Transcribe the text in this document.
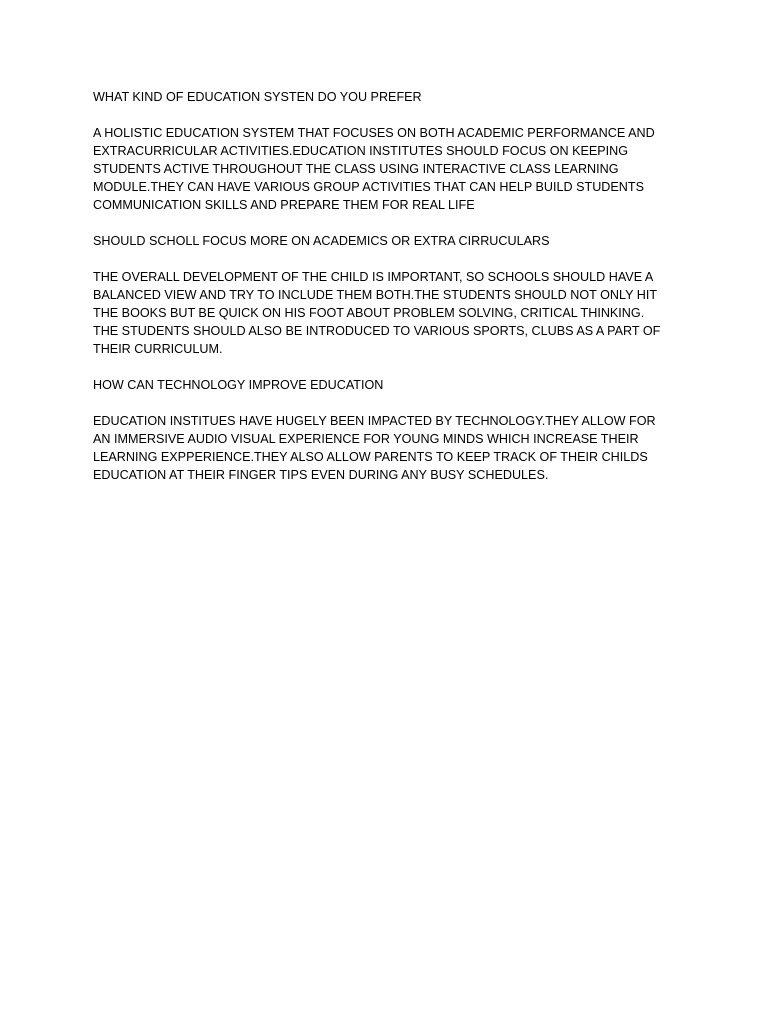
WHAT KIND OF EDUCATION SYSTEN DO YOU PREFER

A HOLISTIC EDUCATION SYSTEM THAT FOCUSES ON BOTH ACADEMIC PERFORMANCE AND
EXTRACURRICULAR ACTIVITIES.EDUCATION INSTITUTES SHOULD FOCUS ON KEEPING
STUDENTS ACTIVE THROUGHOUT THE CLASS USING INTERACTIVE CLASS LEARNING
MODULE.THEY CAN HAVE VARIOUS GROUP ACTIVITIES THAT CAN HELP BUILD STUDENTS
COMMUNICATION SKILLS AND PREPARE THEM FOR REAL LIFE

SHOULD SCHOLL FOCUS MORE ON ACADEMICS OR EXTRA CIRRUCULARS

THE OVERALL DEVELOPMENT OF THE CHILD IS IMPORTANT, SO SCHOOLS SHOULD HAVE A
BALANCED VIEW AND TRY TO INCLUDE THEM BOTH.THE STUDENTS SHOULD NOT ONLY HIT
THE BOOKS BUT BE QUICK ON HIS FOOT ABOUT PROBLEM SOLVING, CRITICAL THINKING.
THE STUDENTS SHOULD ALSO BE INTRODUCED TO VARIOUS SPORTS, CLUBS AS A PART OF
THEIR CURRICULUM.

HOW CAN TECHNOLOGY IMPROVE EDUCATION

EDUCATION INSTITUES HAVE HUGELY BEEN IMPACTED BY TECHNOLOGY.THEY ALLOW FOR
AN IMMERSIVE AUDIO VISUAL EXPERIENCE FOR YOUNG MINDS WHICH INCREASE THEIR
LEARNING EXPPERIENCE.THEY ALSO ALLOW PARENTS TO KEEP TRACK OF THEIR CHILDS
EDUCATION AT THEIR FINGER TIPS EVEN DURING ANY BUSY SCHEDULES.
